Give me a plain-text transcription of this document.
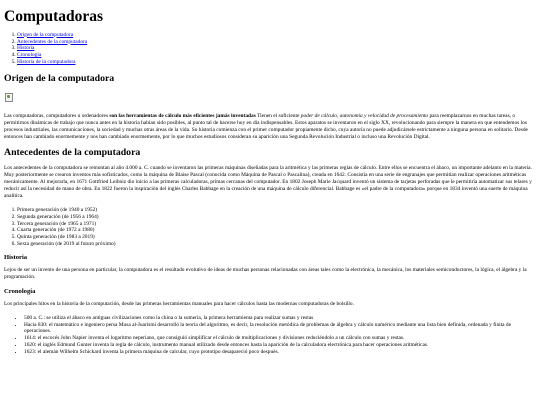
Computadoras
1. Origen de la computadora
2. Antecedentes de la computadora
3. Historia
4. Cronología
5. Historia de la computadora
Origen de la computadora

Las computadoras, computadores u ordenadores son las herramientas de cálculo más eficientes jamás inventadas Tienen el suficiente poder de cálculo, autonomía y velocidad de procesamiento para reemplazarnos en muchas tareas, o permitirnos dinámicas de trabajo que nunca antes en la historia habían sido posibles, al punto tal de hacerse hoy en día indispensables. Estos aparatos se inventaron en el siglo XX, revolucionando para siempre la manera en que entendemos los procesos industriales, las comunicaciones, la sociedad y muchas otras áreas de la vida. Su historia comienza con el primer computador propiamente dicho, cuya autoría no puede adjudicársele estrictamente a ninguna persona en solitario. Desde entonces han cambiado enormemente y nos han cambiado enormemente, por lo que muchos estudiosos consideran su aparición una Segunda Revolución Industrial o incluso una Revolución Digital.

Antecedentes de la computadora

Los antecedentes de la computadora se remontan al año 4.000 a. C. cuando se inventaron las primeras máquinas diseñadas para la aritmética y las primeras reglas de cálculo. Entre ellos se encuentra el ábaco, un importante adelanto en la materia. Muy posteriormente se crearon inventos más sofisticados, como la máquina de Blaise Pascal (conocida como Máquina de Pascal o Pascalina), creada en 1642. Consistía en una serie de engranajes que permitían realizar operaciones aritméticas mecánicamente. Al mejorarla, en 1671 Gottfried Leibniz dio inicio a las primeras calculadoras, primas cercanas del computador. En 1802 Joseph Marie Jacquard inventó un sistema de tarjetas perforadas que le permitiría automatizar sus telares y reducir así la necesidad de mano de obra. En 1822 fueron la inspiración del inglés Charles Babbage en la creación de una máquina de cálculo diferencial. Babbage es «el padre de la computadora» porque en 1834 inventó una suerte de máquina analítica.

1. Primera generación (de 1940 a 1952)
2. Segunda generación (de 1956 a 1964)
3. Tercera generación (de 1965 a 1971)
4. Cuarta generación (de 1972 a 1980)
5. Quinta generación (de 1983 a 2019)
6. Sexta generación (de 2019 al futuro próximo)
Historia

Lejos de ser un invento de una persona en particular, la computadora es el resultado evolutivo de ideas de muchas personas relacionadas con áreas tales como la electrónica, la mecánica, los materiales semiconductores, la lógica, el álgebra y la programación.

Cronología

Los principales hitos en la historia de la computación, desde las primeras herramientas manuales para hacer cálculos hasta las modernas computadoras de bolsillo.

• 500 a. C.: se utiliza el ábaco en antiguas civilizaciones como la china o la sumeria, la primera herramienta para realizar sumas y restas
• Hacia 830: el matemático e ingeniero persa Musa al-Juarismi desarrolló la teoría del algoritmo, es decir, la resolución metódica de problemas de álgebra y cálculo numérico mediante una lista bien definida, ordenada y finita de operaciones.
• 1614: el escocés John Napier inventa el logaritmo neperiano, que consiguió simplificar el cálculo de multiplicaciones y divisiones reduciéndolo a un cálculo con sumas y restas.
• 1620: el inglés Edmund Gunter inventa la regla de cálculo, instrumento manual utilizado desde entonces hasta la aparición de la calculadora electrónica para hacer operaciones aritméticas.
• 1623: el alemán Wilhelm Schickard inventa la primera máquina de calcular, cuyo prototipo desapareció poco después.
